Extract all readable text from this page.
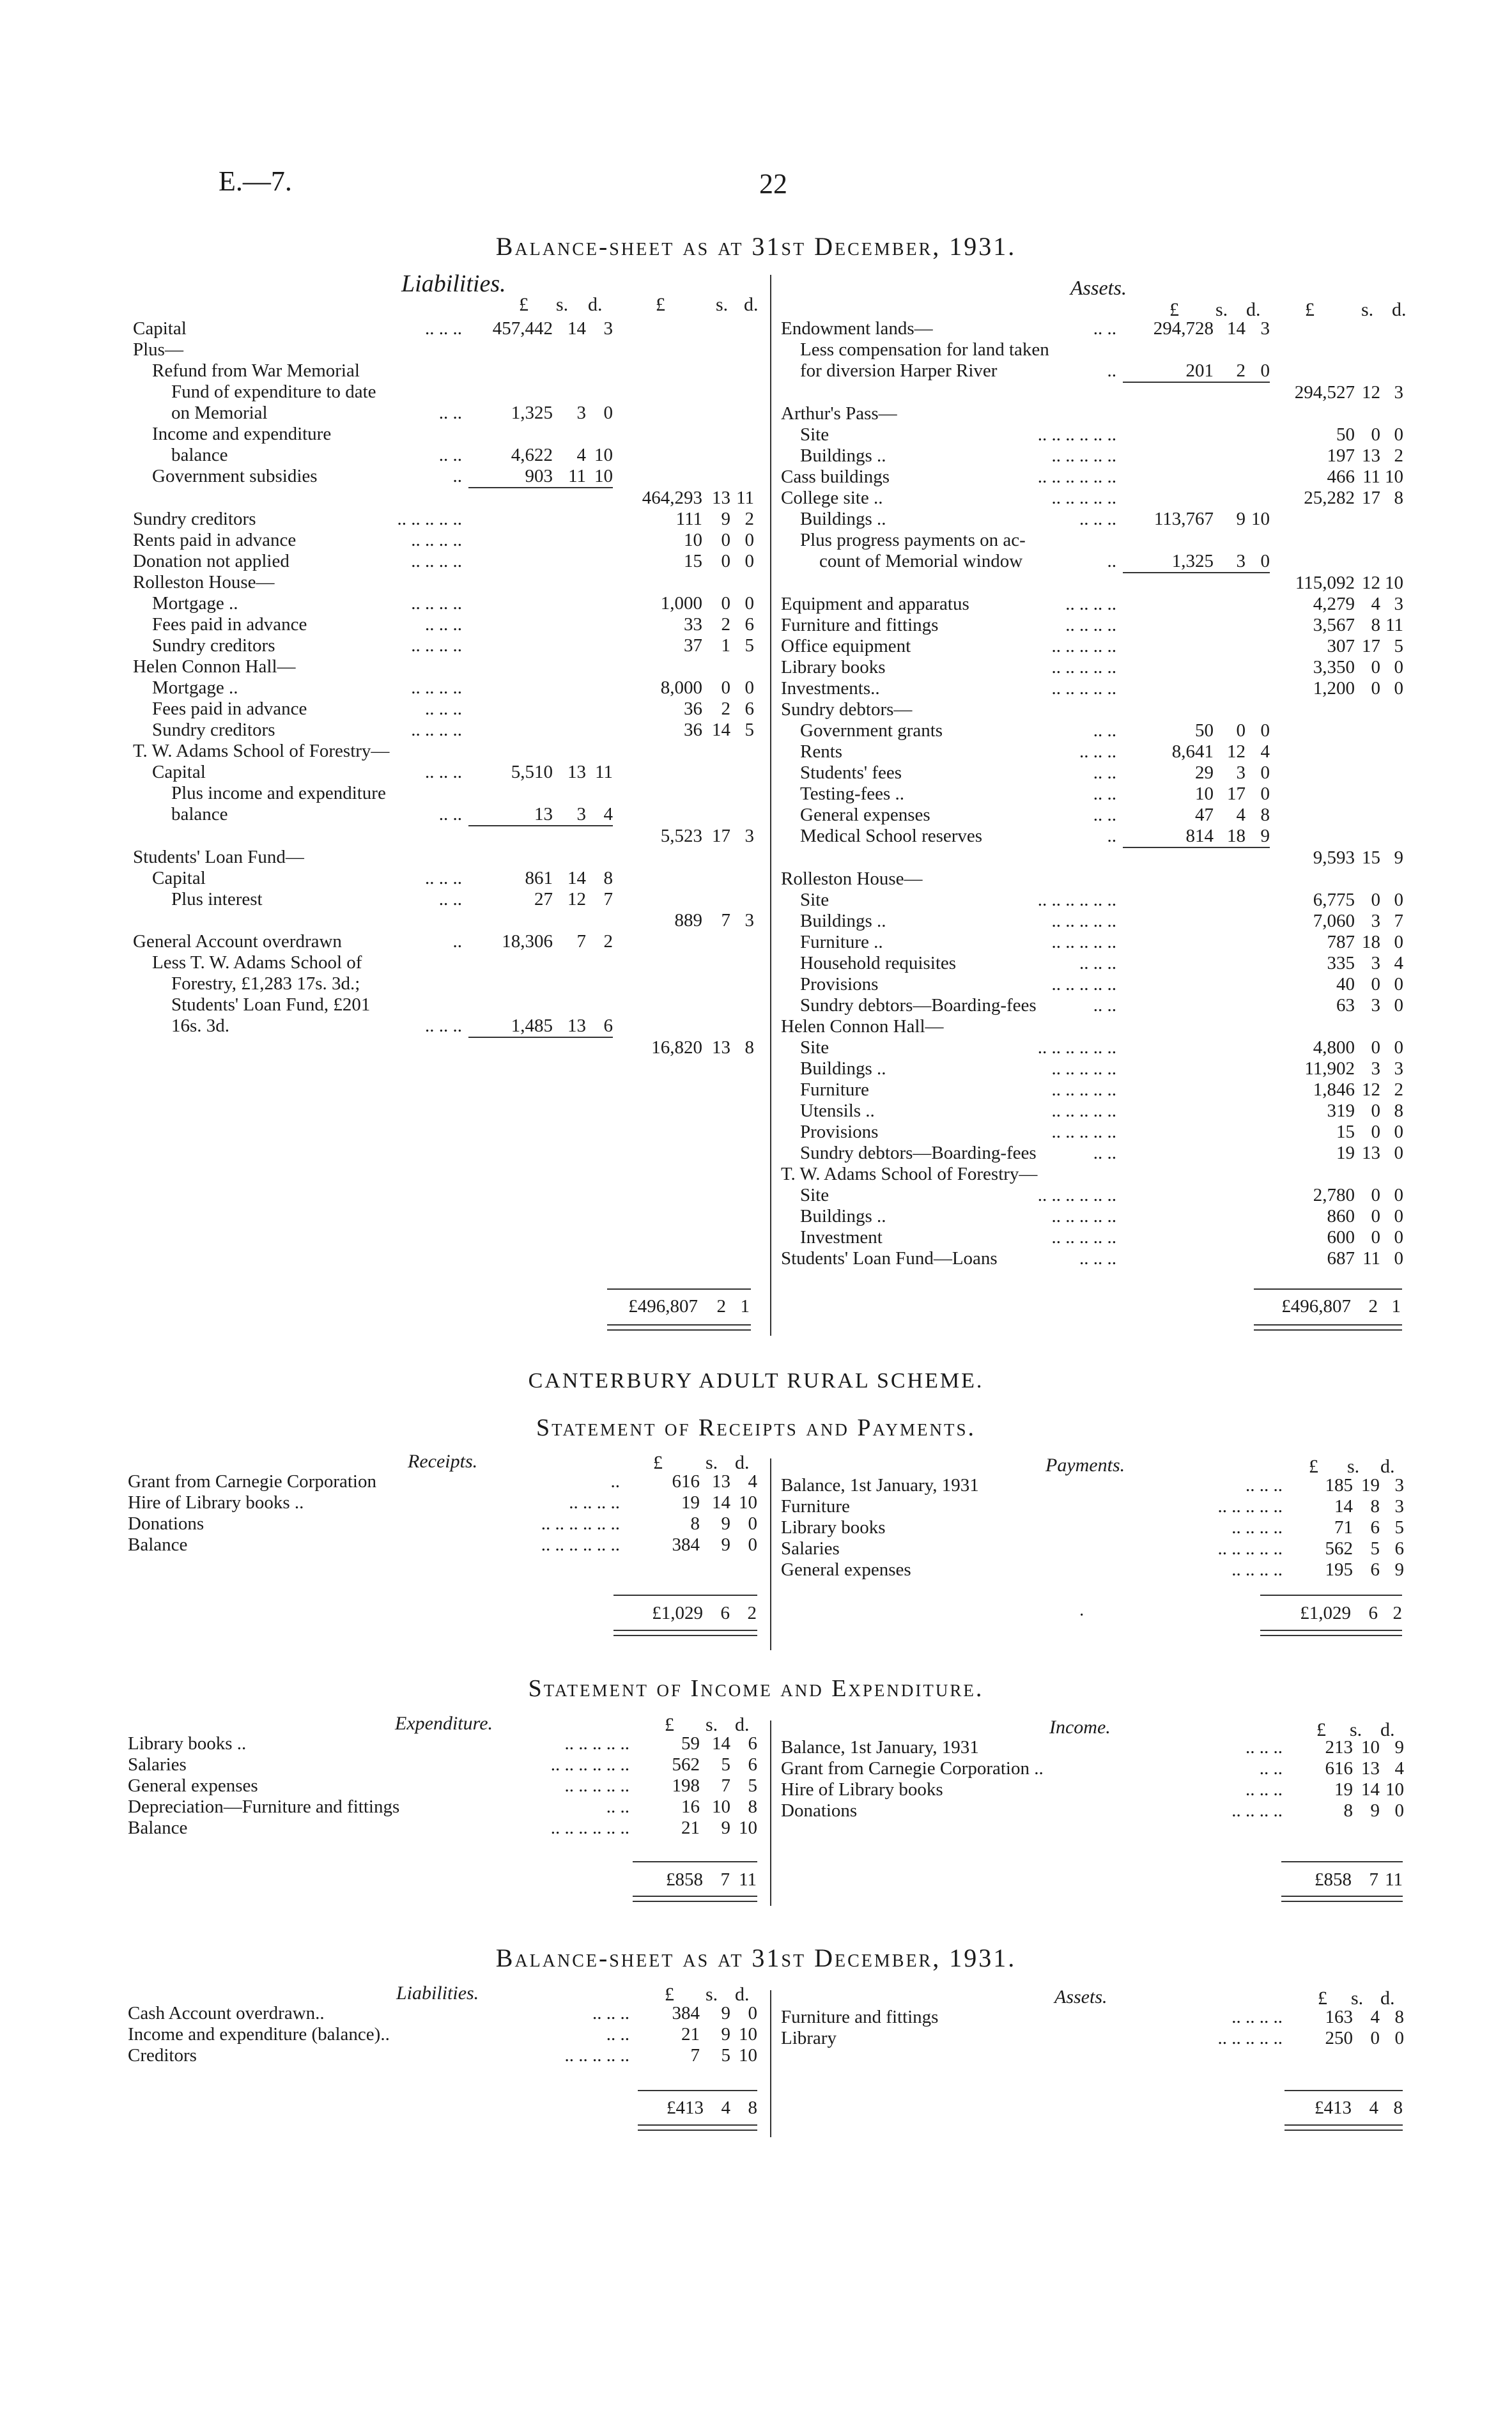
E.—7.	22
Balance-sheet as at 31st December, 1931.
Liabilities.	Assets.
£ s. d.	£	s. d.	£ s. d. £ s. d.
Capital .. .. ..	457,442	14	3			
Plus—						
Refund from War Memorial						
Fund of expenditure to date						
on Memorial .. ..	1,325	3	0			
Income and expenditure						
balance .. ..	4,622	4	10			
Government subsidies ..	903	11	10			
				464,293	13	11
Sundry creditors .. .. .. .. ..				111	9	2
Rents paid in advance .. .. .. ..				10	0	0
Donation not applied .. .. .. ..				15	0	0
Rolleston House—						
Mortgage .. .. .. .. ..				1,000	0	0
Fees paid in advance .. .. ..				33	2	6
Sundry creditors .. .. .. ..				37	1	5
Helen Connon Hall—						
Mortgage .. .. .. .. ..				8,000	0	0
Fees paid in advance .. .. ..				36	2	6
Sundry creditors .. .. .. ..				36	14	5
T. W. Adams School of Forestry—						
Capital .. .. ..	5,510	13	11			
Plus income and expenditure						
balance .. ..	13	3	4			
				5,523	17	3

Students' Loan Fund—						
Capital .. .. ..	861	14	8			
Plus interest .. ..	27	12	7			
				889	7	3
General Account overdrawn ..	18,306	7	2			
Less T. W. Adams School of						
Forestry, £1,283 17s. 3d.;						
Students' Loan Fund, £201						
16s. 3d. .. .. ..	1,485	13	6			
				16,820	13	8
Endowment lands— .. ..	294,728	14	3			
Less compensation for land taken						
for diversion Harper River ..	201	2	0			
				294,527	12	3
Arthur's Pass—						
Site .. .. .. .. .. ..				50	0	0
Buildings .. .. .. .. .. ..				197	13	2
Cass buildings .. .. .. .. .. ..				466	11	10
College site .. .. .. .. .. ..				25,282	17	8
Buildings .. .. .. ..	113,767	9	10			
Plus progress payments on ac-						
count of Memorial window ..	1,325	3	0			
				115,092	12	10
Equipment and apparatus .. .. .. ..				4,279	4	3
Furniture and fittings .. .. .. ..				3,567	8	11
Office equipment .. .. .. .. ..				307	17	5
Library books .. .. .. .. ..				3,350	0	0
Investments.. .. .. .. .. ..				1,200	0	0
Sundry debtors—						
Government grants .. ..	50	0	0			
Rents .. .. ..	8,641	12	4			
Students' fees .. ..	29	3	0			
Testing-fees .. .. ..	10	17	0			
General expenses .. ..	47	4	8			
Medical School reserves ..	814	18	9			
				9,593	15	9
Rolleston House—						
Site .. .. .. .. .. ..				6,775	0	0
Buildings .. .. .. .. .. ..				7,060	3	7
Furniture .. .. .. .. .. ..				787	18	0
Household requisites .. .. ..				335	3	4
Provisions .. .. .. .. ..				40	0	0
Sundry debtors—Boarding-fees .. ..				63	3	0
Helen Connon Hall—						
Site .. .. .. .. .. ..				4,800	0	0
Buildings .. .. .. .. .. ..				11,902	3	3
Furniture .. .. .. .. ..				1,846	12	2
Utensils .. .. .. .. .. ..				319	0	8
Provisions .. .. .. .. ..				15	0	0
Sundry debtors—Boarding-fees .. ..				19	13	0
T. W. Adams School of Forestry—						
Site .. .. .. .. .. ..				2,780	0	0
Buildings .. .. .. .. .. ..				860	0	0
Investment .. .. .. .. ..				600	0	0
Students' Loan Fund—Loans .. .. ..				687	11	0
£496,807	2 1	£496,807 2 1
CANTERBURY ADULT RURAL SCHEME.
Statement of Receipts and Payments.
Receipts.	Payments.
£ s. d.	£ s. d.
Grant from Carnegie Corporation	..	616	13	4
Hire of Library books ..	.. .. .. ..	19	14	10
Donations	.. .. .. .. .. ..	8	9	0
Balance	.. .. .. .. .. ..	384	9	0
Balance, 1st January, 1931	.. .. ..	185	19	3
Furniture	.. .. .. .. ..	14	8	3
Library books	.. .. .. ..	71	6	5
Salaries	.. .. .. .. ..	562	5	6
General expenses	.. .. .. ..	195	6	9
·
£1,029 6 2	£1,029 6 2
Statement of Income and Expenditure.
Expenditure.	Income.
£ s. d.	£ s. d.
Library books ..	.. .. .. .. ..	59	14	6
Salaries	.. .. .. .. .. ..	562	5	6
General expenses	.. .. .. .. ..	198	7	5
Depreciation—Furniture and fittings	.. ..	16	10	8
Balance	.. .. .. .. .. ..	21	9	10
Balance, 1st January, 1931	.. .. ..	213	10	9
Grant from Carnegie Corporation ..	.. ..	616	13	4
Hire of Library books	.. .. ..	19	14	10
Donations	.. .. .. ..	8	9	0
£858 7 11	£858 7 11
Balance-sheet as at 31st December, 1931.
Liabilities.	Assets.
£ s. d.	£ s. d.
Cash Account overdrawn..	.. .. ..	384	9	0
Income and expenditure (balance)..	.. ..	21	9	10
Creditors	.. .. .. .. ..	7	5	10
Furniture and fittings	.. .. .. ..	163	4	8
Library	.. .. .. .. ..	250	0	0
£413 4 8	£413 4 8
